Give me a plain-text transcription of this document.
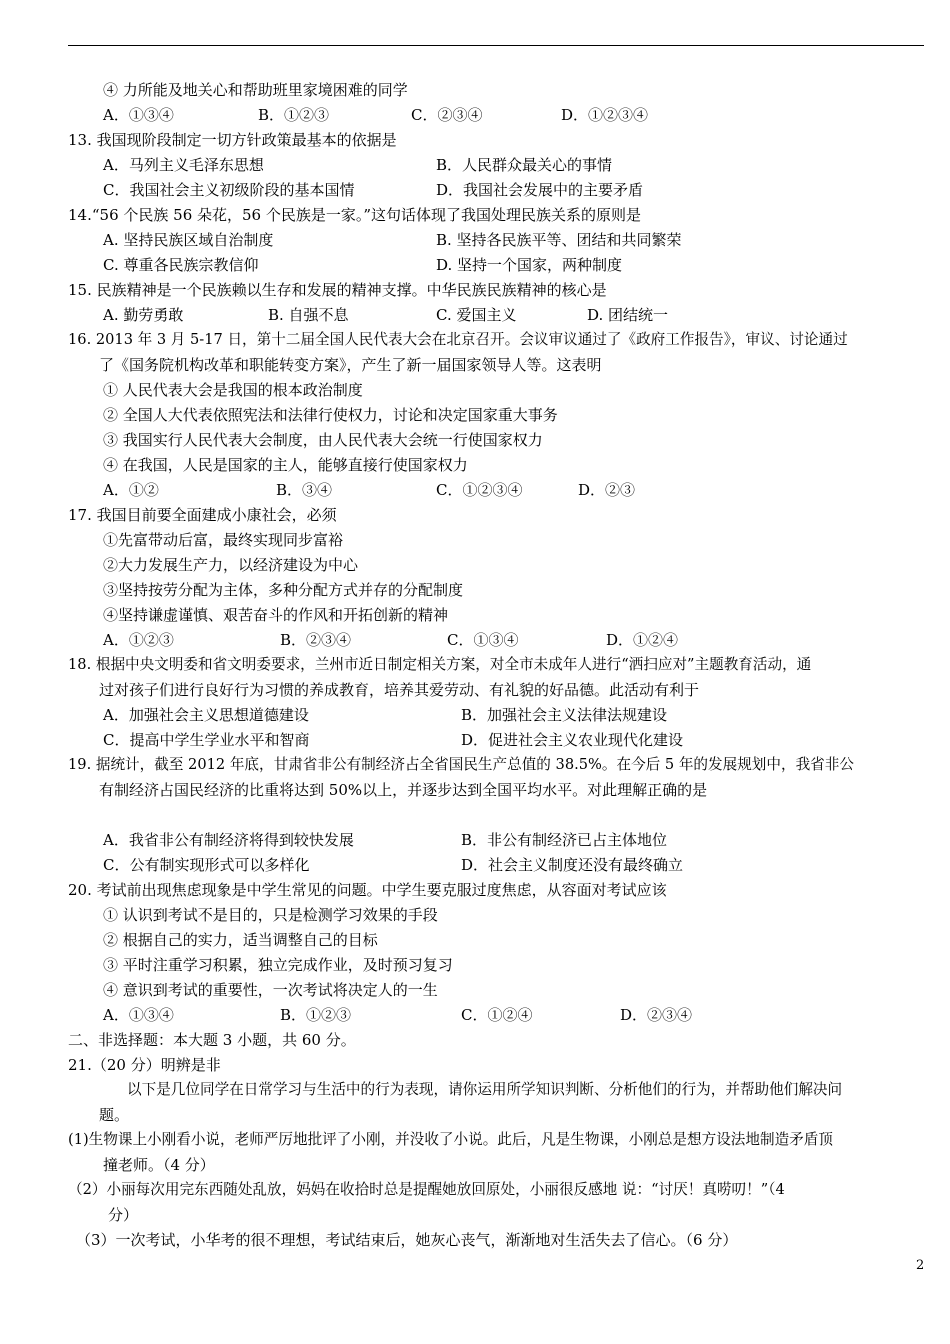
④ 力所能及地关心和帮助班里家境困难的同学
A．①③④	B．①②③	C．②③④	D．①②③④
13. 我国现阶段制定一切方针政策最基本的依据是
A．马列主义毛泽东思想	B．人民群众最关心的事情
C．我国社会主义初级阶段的基本国情	D．我国社会发展中的主要矛盾
14.“56 个民族 56 朵花，56 个民族是一家。”这句话体现了我国处理民族关系的原则是
A. 坚持民族区域自治制度	B. 坚持各民族平等、团结和共同繁荣
C. 尊重各民族宗教信仰	D. 坚持一个国家，两种制度
15. 民族精神是一个民族赖以生存和发展的精神支撑。中华民族民族精神的核心是
A. 勤劳勇敢	B. 自强不息	C. 爱国主义	D. 团结统一
16. 2013 年 3 月 5-17 日，第十二届全国人民代表大会在北京召开。会议审议通过了《政府工作报告》，审议、讨论通过
了《国务院机构改革和职能转变方案》，产生了新一届国家领导人等。这表明
① 人民代表大会是我国的根本政治制度
② 全国人大代表依照宪法和法律行使权力，讨论和决定国家重大事务
③ 我国实行人民代表大会制度，由人民代表大会统一行使国家权力
④ 在我国，人民是国家的主人，能够直接行使国家权力
A．①②	B．③④	C．①②③④	D．②③
17. 我国目前要全面建成小康社会，必须
①先富带动后富，最终实现同步富裕
②大力发展生产力，以经济建设为中心
③坚持按劳分配为主体，多种分配方式并存的分配制度
④坚持谦虚谨慎、艰苦奋斗的作风和开拓创新的精神
A．①②③	B．②③④	C．①③④	D．①②④
18. 根据中央文明委和省文明委要求，兰州市近日制定相关方案，对全市未成年人进行“洒扫应对”主题教育活动，通
过对孩子们进行良好行为习惯的养成教育，培养其爱劳动、有礼貌的好品德。此活动有利于
A．加强社会主义思想道德建设	B．加强社会主义法律法规建设
C．提高中学生学业水平和智商	D．促进社会主义农业现代化建设
19. 据统计，截至 2012 年底，甘肃省非公有制经济占全省国民生产总值的 38.5%。在今后 5 年的发展规划中，我省非公
有制经济占国民经济的比重将达到 50%以上，并逐步达到全国平均水平。对此理解正确的是
A．我省非公有制经济将得到较快发展	B．非公有制经济已占主体地位
C．公有制实现形式可以多样化	D．社会主义制度还没有最终确立
20. 考试前出现焦虑现象是中学生常见的问题。中学生要克服过度焦虑，从容面对考试应该
① 认识到考试不是目的，只是检测学习效果的手段
② 根据自己的实力，适当调整自己的目标
③ 平时注重学习积累，独立完成作业，及时预习复习
④ 意识到考试的重要性，一次考试将决定人的一生
A．①③④	B．①②③	C．①②④	D．②③④
二、非选择题：本大题 3 小题，共 60 分。
21.（20 分）明辨是非
以下是几位同学在日常学习与生活中的行为表现，请你运用所学知识判断、分析他们的行为，并帮助他们解决问
题。
(1)生物课上小刚看小说，老师严厉地批评了小刚，并没收了小说。此后，凡是生物课，小刚总是想方设法地制造矛盾顶
撞老师。（4 分）
（2）小丽每次用完东西随处乱放，妈妈在收拾时总是提醒她放回原处，小丽很反感地 说：“讨厌！真唠叨！”（4
分）
（3）一次考试，小华考的很不理想，考试结束后，她灰心丧气，渐渐地对生活失去了信心。（6 分）
2
